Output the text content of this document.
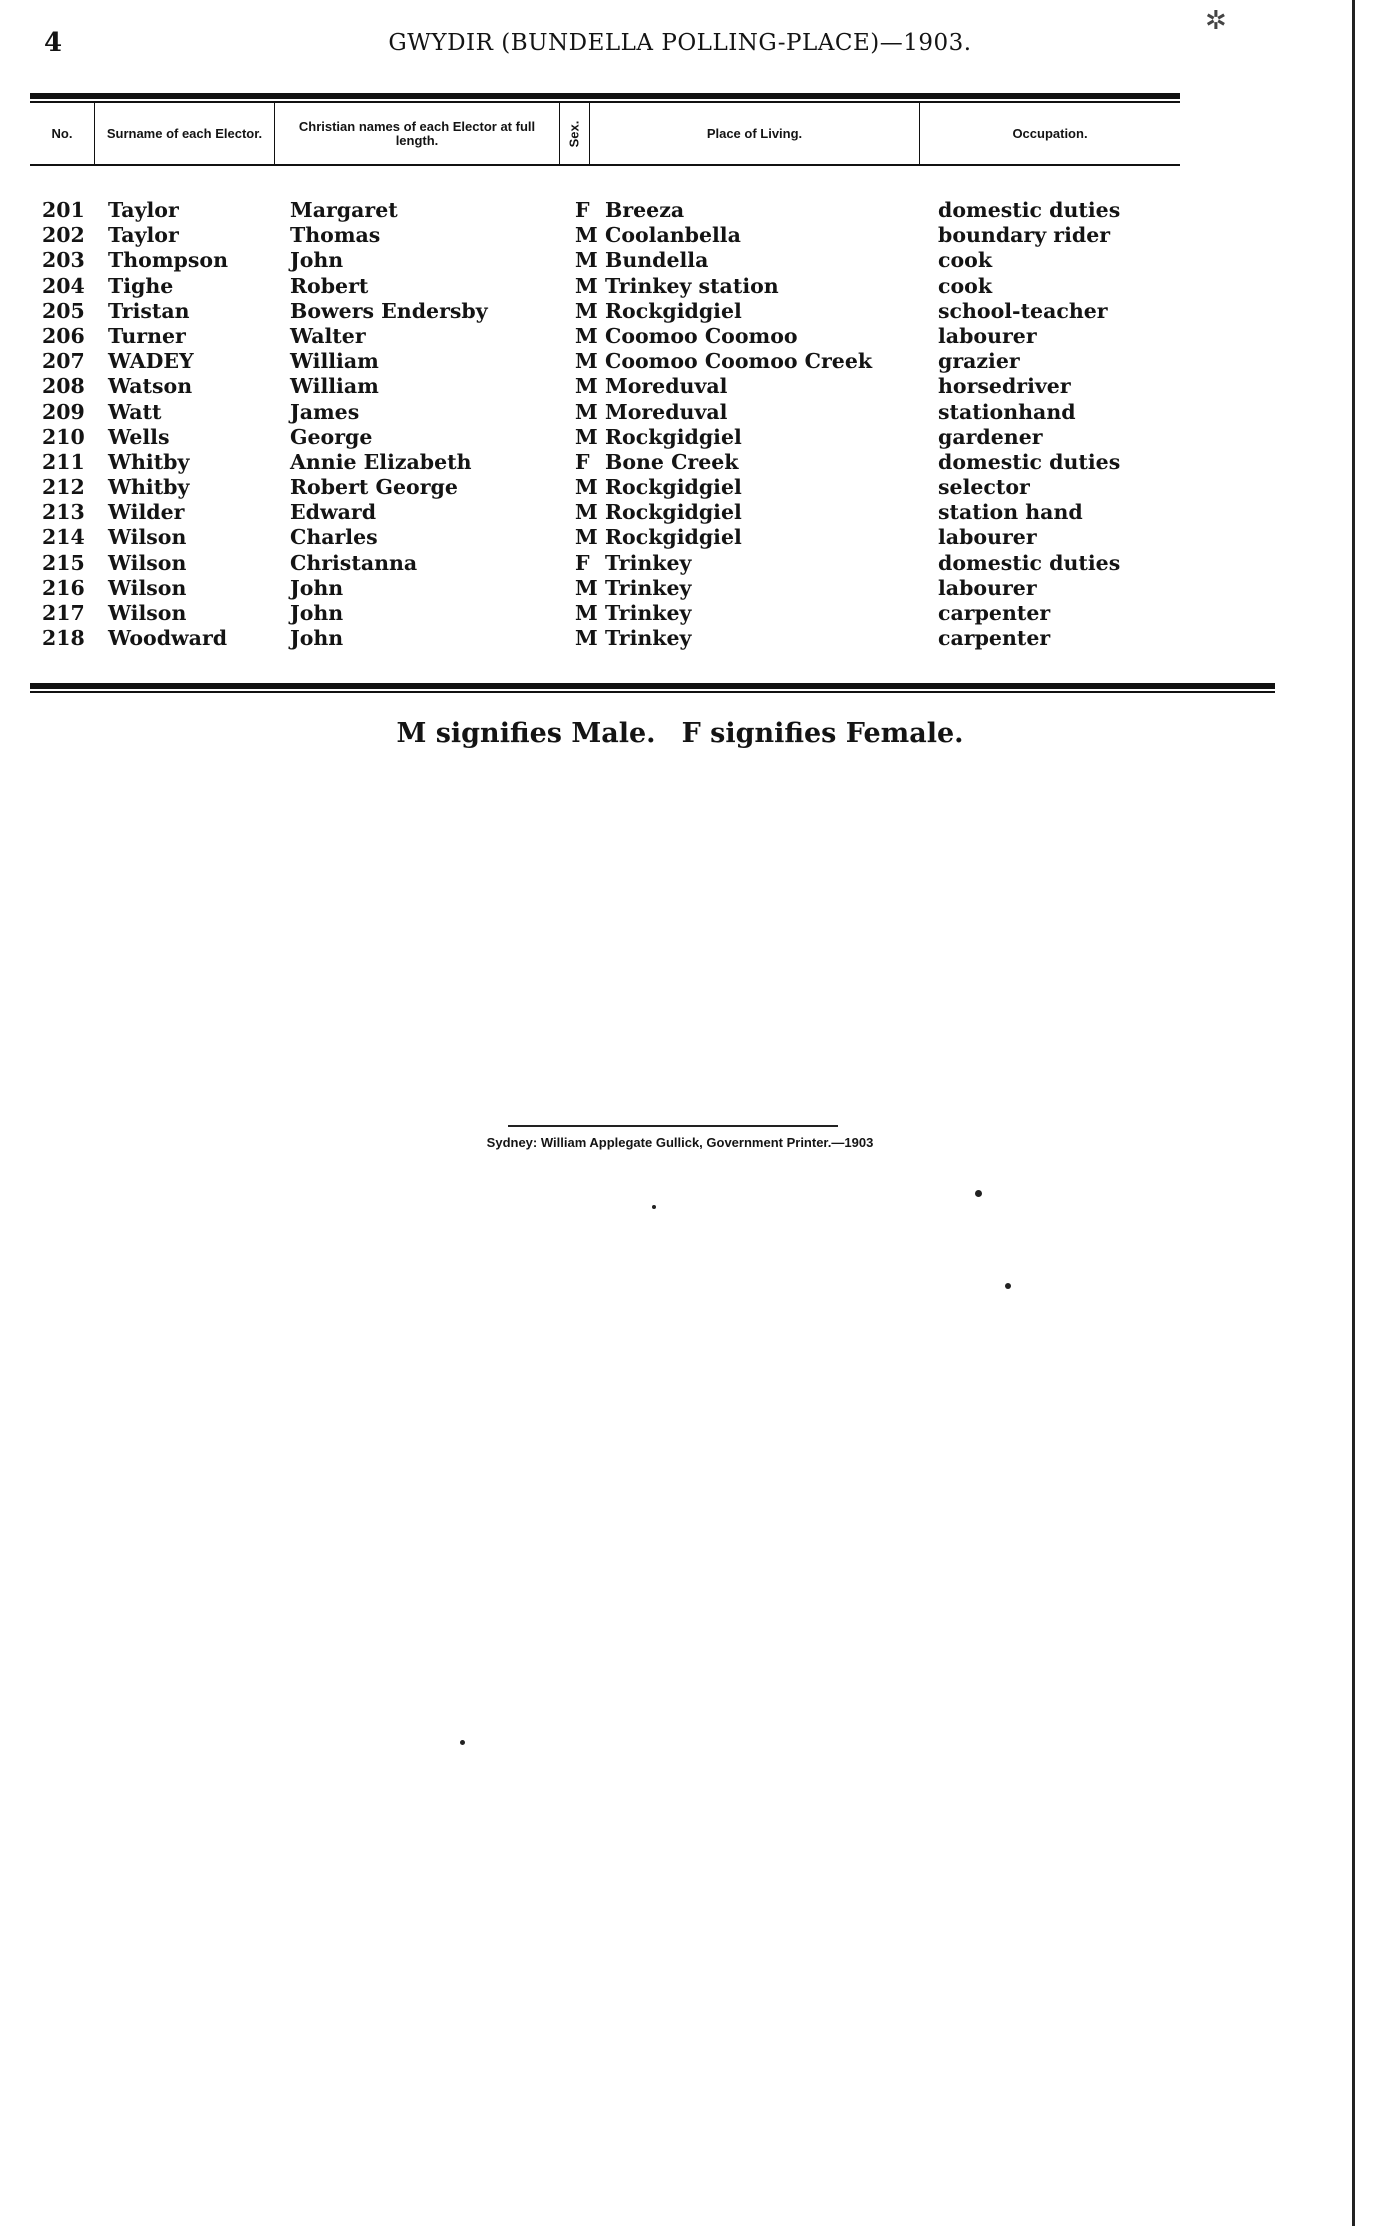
4	GWYDIR (BUNDELLA POLLING-PLACE)—1903.
✲
No.	Surname of each Elector.	Christian names of each Elector at full length.	Sex.	Place of Living.	Occupation.
201 Taylor	Margaret	F Breeza	domestic duties
202 Taylor	Thomas	M Coolanbella	boundary rider
203 Thompson	John	M Bundella	cook
204 Tighe	Robert	M Trinkey station	cook
205 Tristan	Bowers Endersby	M Rockgidgiel	school-teacher
206 Turner	Walter	M Coomoo Coomoo	labourer
207 WADEY	William	M Coomoo Coomoo Creek	grazier
208 Watson	William	M Moreduval	horsedriver
209 Watt	James	M Moreduval	stationhand
210 Wells	George	M Rockgidgiel	gardener
211 Whitby	Annie Elizabeth	F Bone Creek	domestic duties
212 Whitby	Robert George	M Rockgidgiel	selector
213 Wilder	Edward	M Rockgidgiel	station hand
214 Wilson	Charles	M Rockgidgiel	labourer
215 Wilson	Christanna	F Trinkey	domestic duties
216 Wilson	John	M Trinkey	labourer
217 Wilson	John	M Trinkey	carpenter
218 Woodward	John	M Trinkey	carpenter
M signifies Male. F signifies Female.
Sydney: William Applegate Gullick, Government Printer.—1903
